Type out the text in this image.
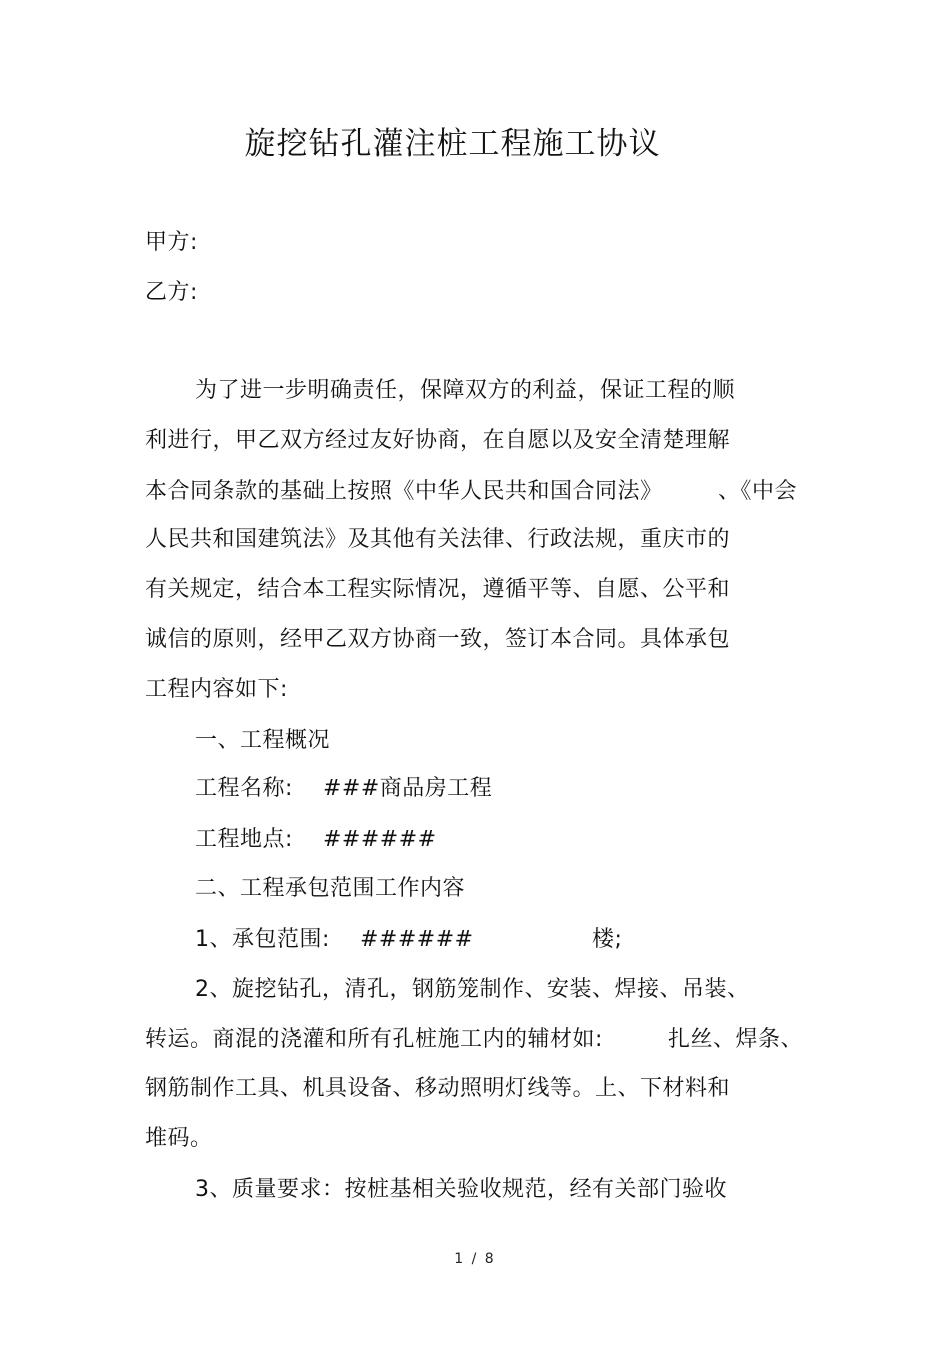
旋挖钻孔灌注桩工程施工协议
甲方:
乙方:
为了进一步明确责任，保障双方的利益，保证工程的顺
利进行，甲乙双方经过友好协商，在自愿以及安全清楚理解
本合同条款的基础上按照《中华人民共和国合同法》	、《中会
人民共和国建筑法》及其他有关法律、行政法规，重庆市的
有关规定，结合本工程实际情况，遵循平等、自愿、公平和
诚信的原则，经甲乙双方协商一致，签订本合同。具体承包
工程内容如下:
一、工程概况
工程名称: ###商品房工程
工程地点: ######
二、工程承包范围工作内容
1、承包范围: ######	楼;
2、旋挖钻孔，清孔，钢筋笼制作、安装、焊接、吊装、
转运。商混的浇灌和所有孔桩施工内的辅材如:	扎丝、焊条、
钢筋制作工具、机具设备、移动照明灯线等。上、下材料和
堆码。
3、质量要求：按桩基相关验收规范，经有关部门验收
1 / 8
